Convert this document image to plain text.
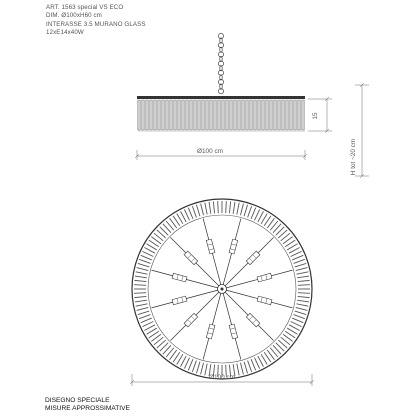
ART. 1563 special VS ECO
DIM. Ø100xH60 cm
INTERASSE 3.5 MURANO GLASS
12xE14x40W
Ø100 cm
15
H tot ~20 cm
Ø100 cm
DISEGNO SPECIALE
MISURE APPROSSIMATIVE
